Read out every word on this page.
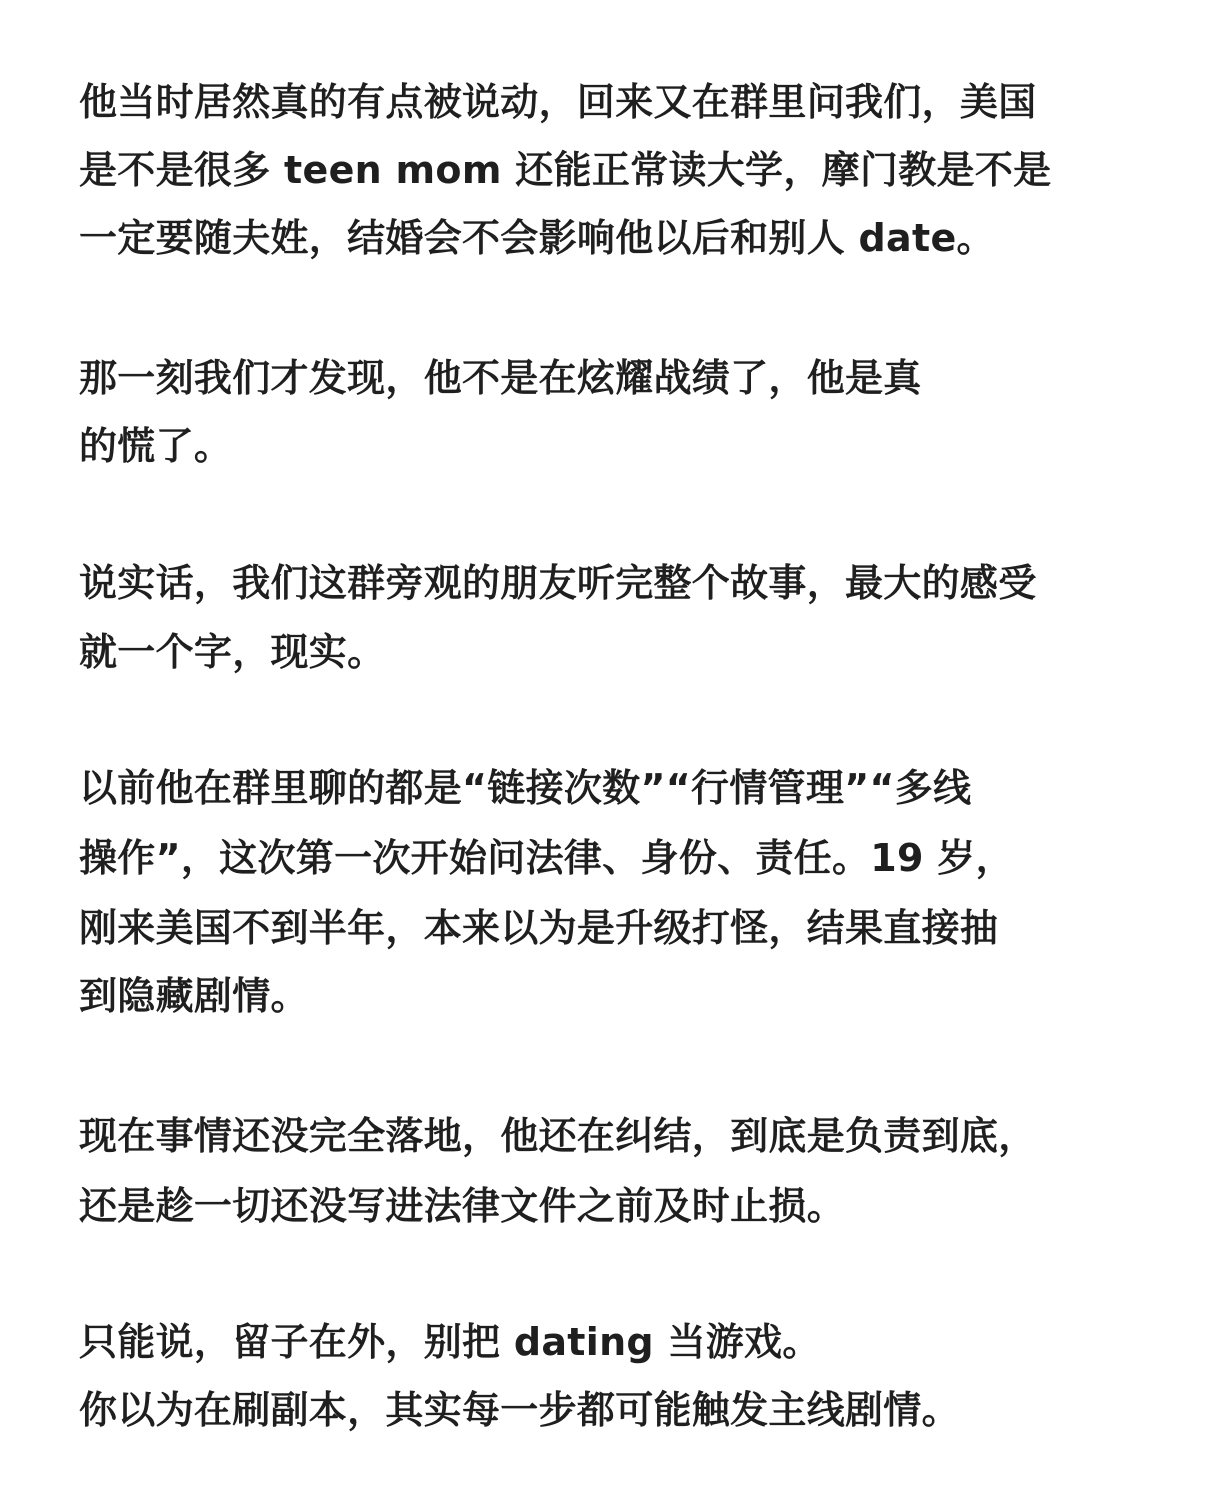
他当时居然真的有点被说动，回来又在群里问我们，美国

是不是很多 teen mom 还能正常读大学，摩门教是不是

一定要随夫姓，结婚会不会影响他以后和别人 date。

那一刻我们才发现，他不是在炫耀战绩了，他是真

的慌了。

说实话，我们这群旁观的朋友听完整个故事，最大的感受

就一个字，现实。

以前他在群里聊的都是“链接次数”“行情管理”“多线

操作”，这次第一次开始问法律、身份、责任。19 岁，

刚来美国不到半年，本来以为是升级打怪，结果直接抽

到隐藏剧情。

现在事情还没完全落地，他还在纠结，到底是负责到底，

还是趁一切还没写进法律文件之前及时止损。

只能说，留子在外，别把 dating 当游戏。

你以为在刷副本，其实每一步都可能触发主线剧情。
